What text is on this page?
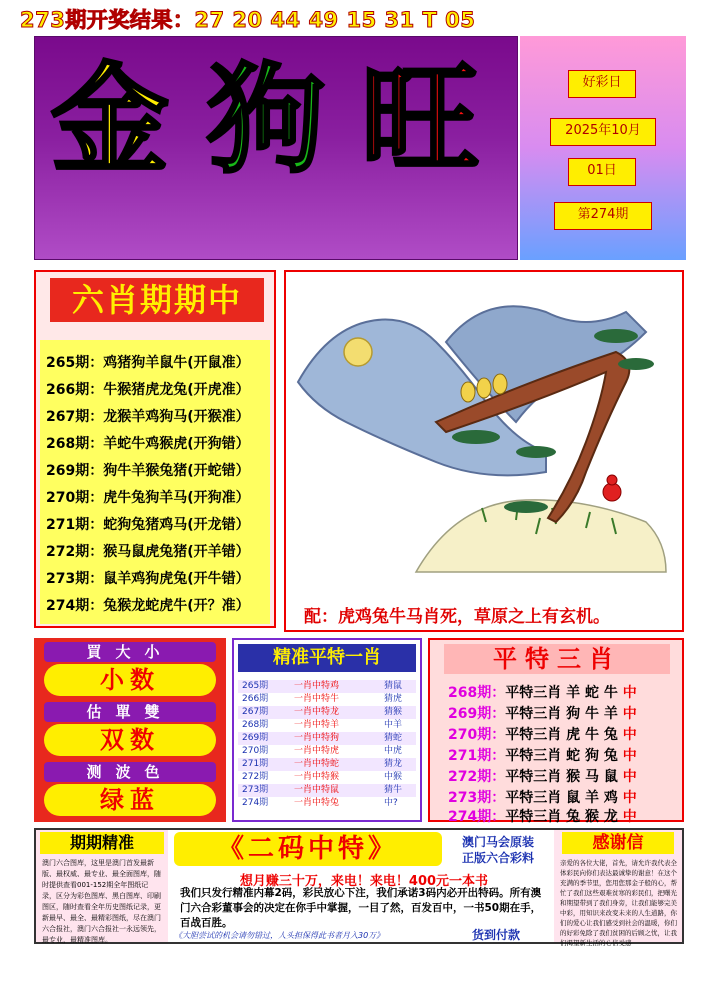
273期开奖结果：27 20 44 49 15 31 T 05
金 狗 旺	好彩日
2025年10月
01日
第274期
六肖期期中
265期：鸡猪狗羊鼠牛(开鼠准）
266期：牛猴猪虎龙兔(开虎准）
267期：龙猴羊鸡狗马(开猴准）
268期：羊蛇牛鸡猴虎(开狗错）
269期：狗牛羊猴兔猪(开蛇错）
270期：虎牛兔狗羊马(开狗准）
271期：蛇狗兔猪鸡马(开龙错）
272期：猴马鼠虎兔猪(开羊错）
273期：鼠羊鸡狗虎兔(开牛错）
274期：兔猴龙蛇虎牛(开？准）
配：虎鸡兔牛马肖死，草原之上有玄机。
買大小
小数
估單雙
双数
测波色
绿蓝
精准平特一肖
265期	一肖中特鸡	猜鼠
266期	一肖中特牛	猜虎
267期	一肖中特龙	猜猴
268期	一肖中特羊	中羊
269期	一肖中特狗	猜蛇
270期	一肖中特虎	中虎
271期	一肖中特蛇	猜龙
272期	一肖中特猴	中猴
273期	一肖中特鼠	猜牛
274期	一肖中特兔	中?
平特三肖
268期：平特三肖 羊 蛇 牛 中
269期：平特三肖 狗 牛 羊 中
270期：平特三肖 虎 牛 兔 中
271期：平特三肖 蛇 狗 兔 中
272期：平特三肖 猴 马 鼠 中
273期：平特三肖 鼠 羊 鸡 中
274期：平特三肖 兔 猴 龙 中
期期精准
澳门六合图库，这里是澳门首发最新版、最权威、最专业、最全面图库，随时提供查看001-152期全年图纸记录，区分为彩色图库、黑白图库、印刷图区，随时查看全年历史图纸记录，更新最早、最全、最精彩图纸，尽在澳门六合报社，澳门六合报社一永远领先，最专业，最精准图库。
《二码中特》	澳门马会原装
正版六合彩料
想月赚三十万，来电！来电！400元一本书
我们只发行精准内幕2码，彩民放心下注，我们承诺3码内必开出特码。所有澳门六合彩董事会的决定在你手中掌握，一目了然，百发百中，一书50期在手，百战百胜。
《大胆尝试的机会请勿错过，人头担保得此书者月入30万》	货到付款
感谢信
亲爱的各位大佬，首先，请允许我代表全体彩民向你们表达最诚挚的谢意！在这个充满的季节里，您用您那金子般的心，帮忙了我们这些艰难贫寒的彩民们，把曙光和期望带到了我们身旁，让我们能够完美中彩，用知识来改变未来的人生道路，你们的爱心让我们感受到社会的温暖，你们的好彩免除了我们贫困的后顾之忧，让我们渴望新生活的心倍受感
